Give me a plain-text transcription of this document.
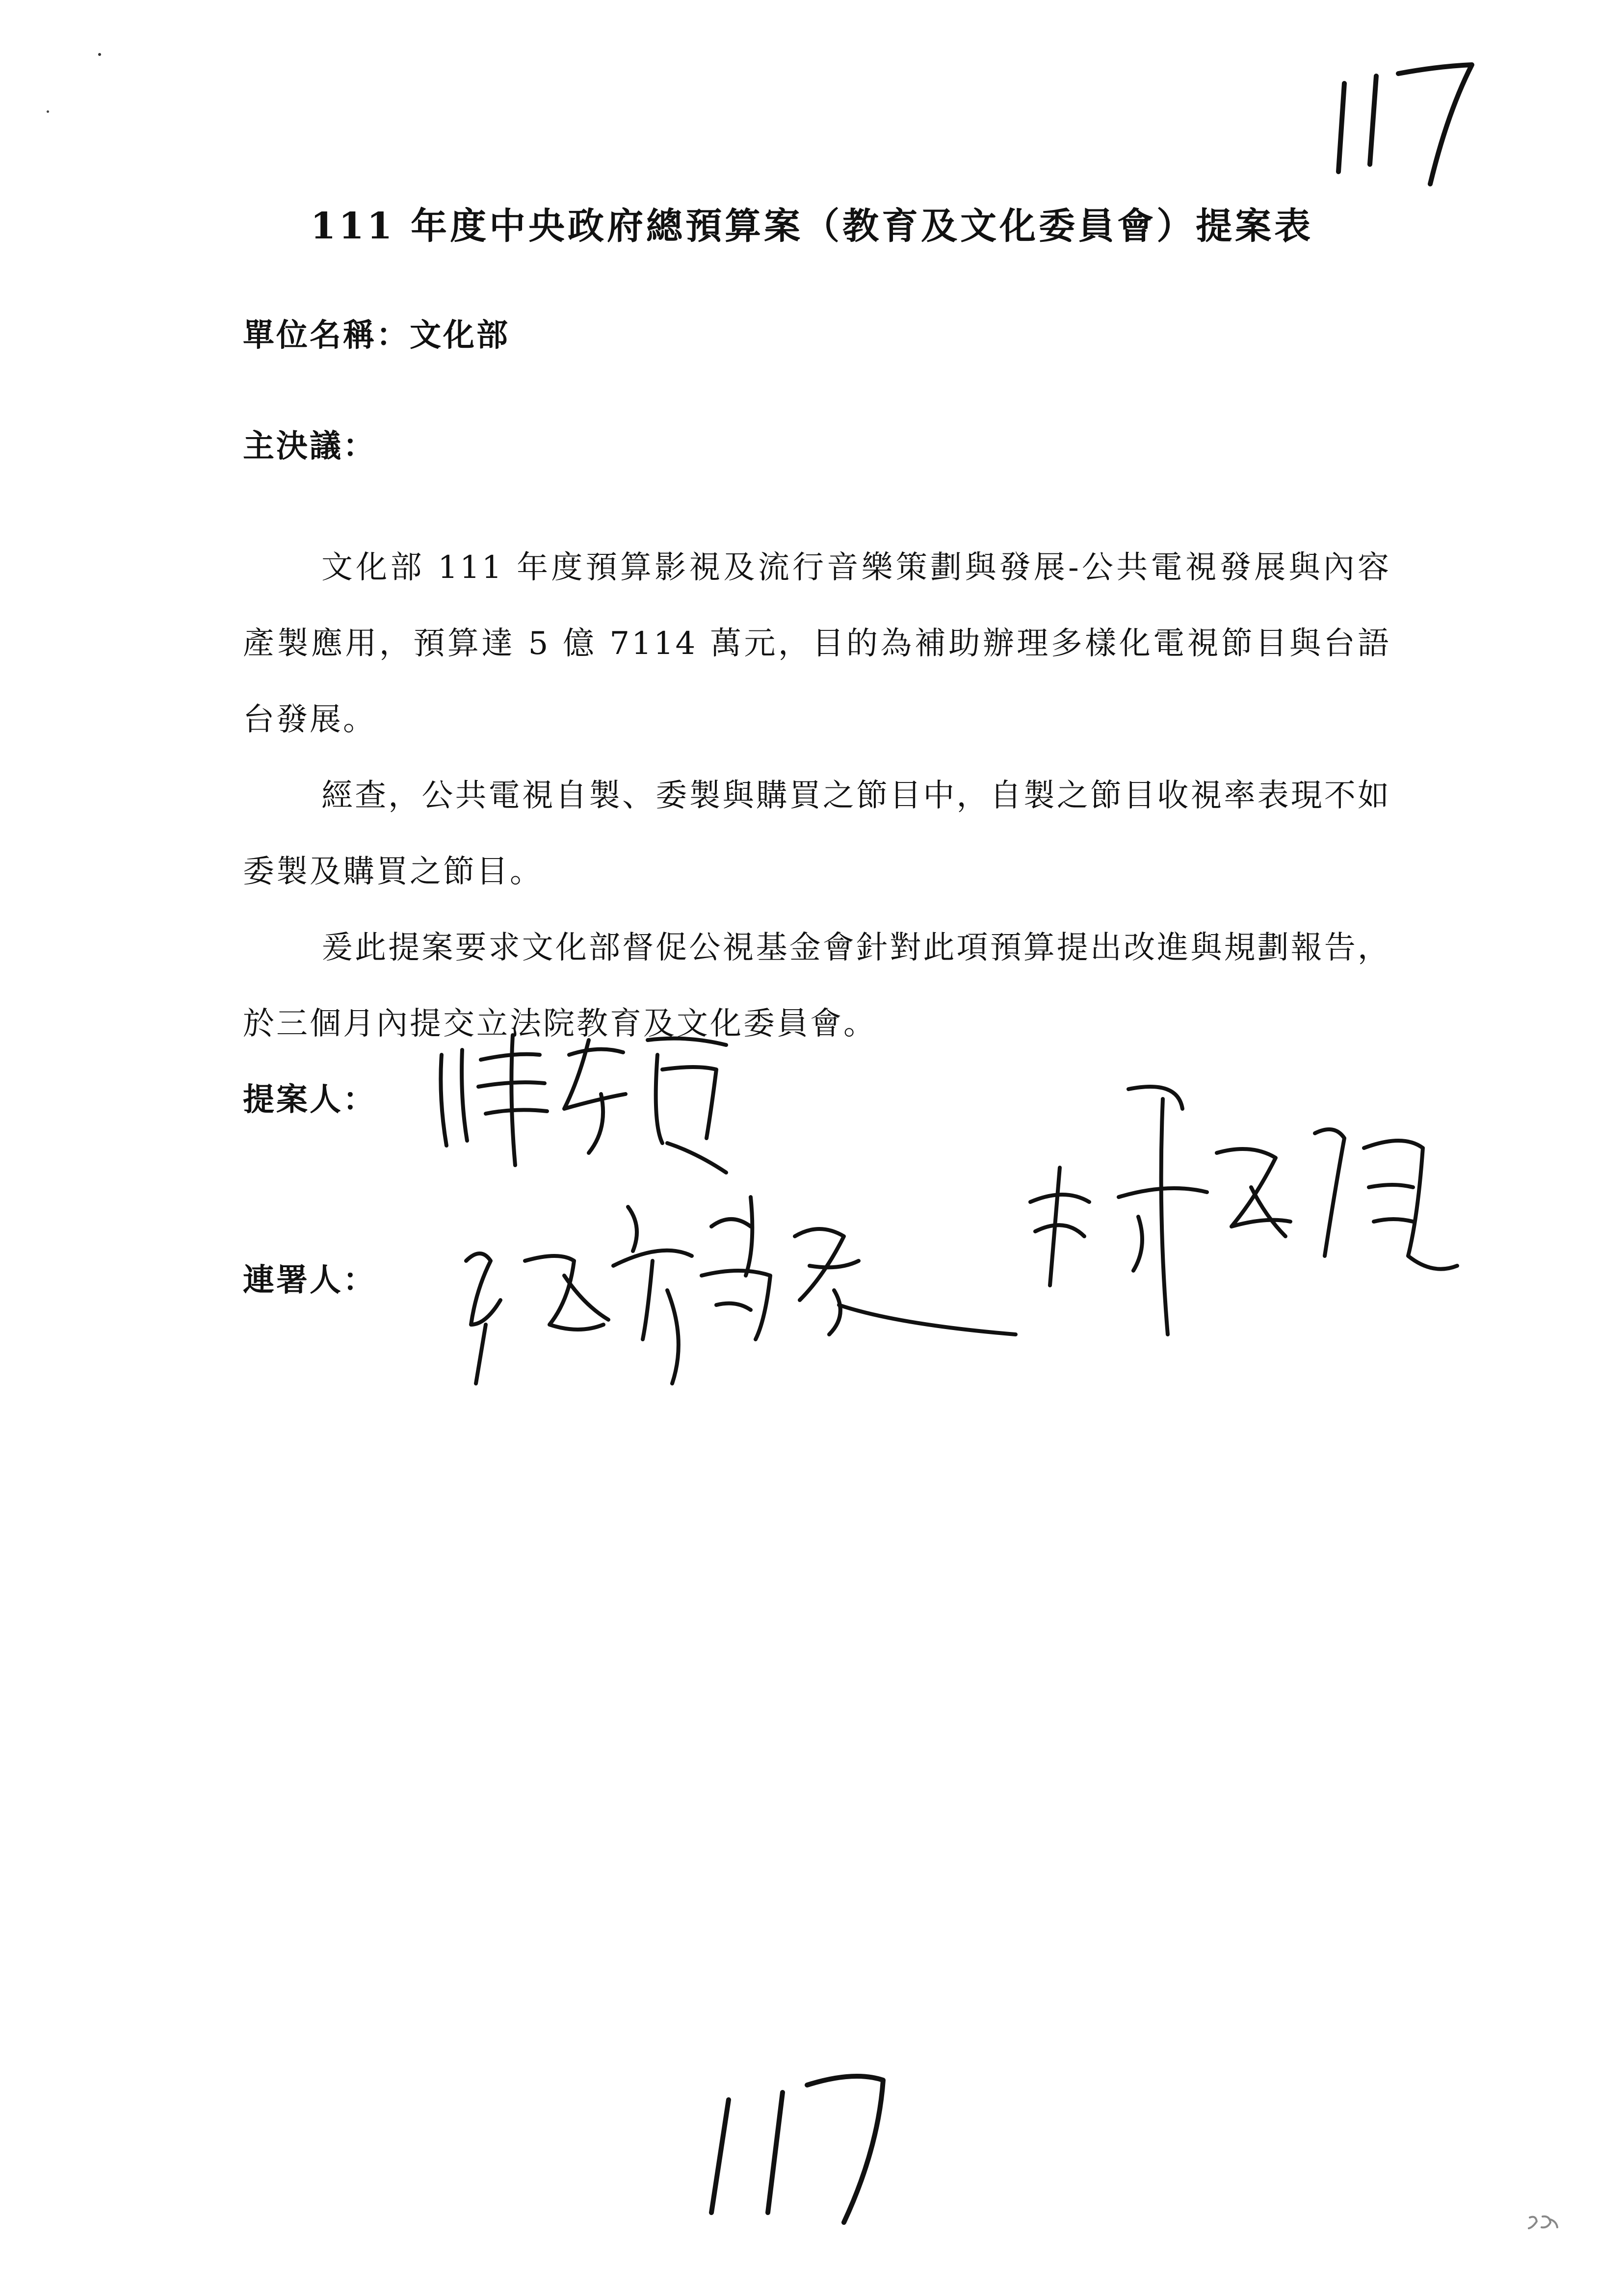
111 年度中央政府總預算案（教育及文化委員會）提案表
單位名稱：文化部
主決議：

文化部 111 年度預算影視及流行音樂策劃與發展-公共電視發展與內容產製應用，預算達 5 億 7114 萬元，目的為補助辦理多樣化電視節目與台語台發展。

經查，公共電視自製、委製與購買之節目中，自製之節目收視率表現不如委製及購買之節目。

爰此提案要求文化部督促公視基金會針對此項預算提出改進與規劃報告，於三個月內提交立法院教育及文化委員會。

提案人：
連署人：
